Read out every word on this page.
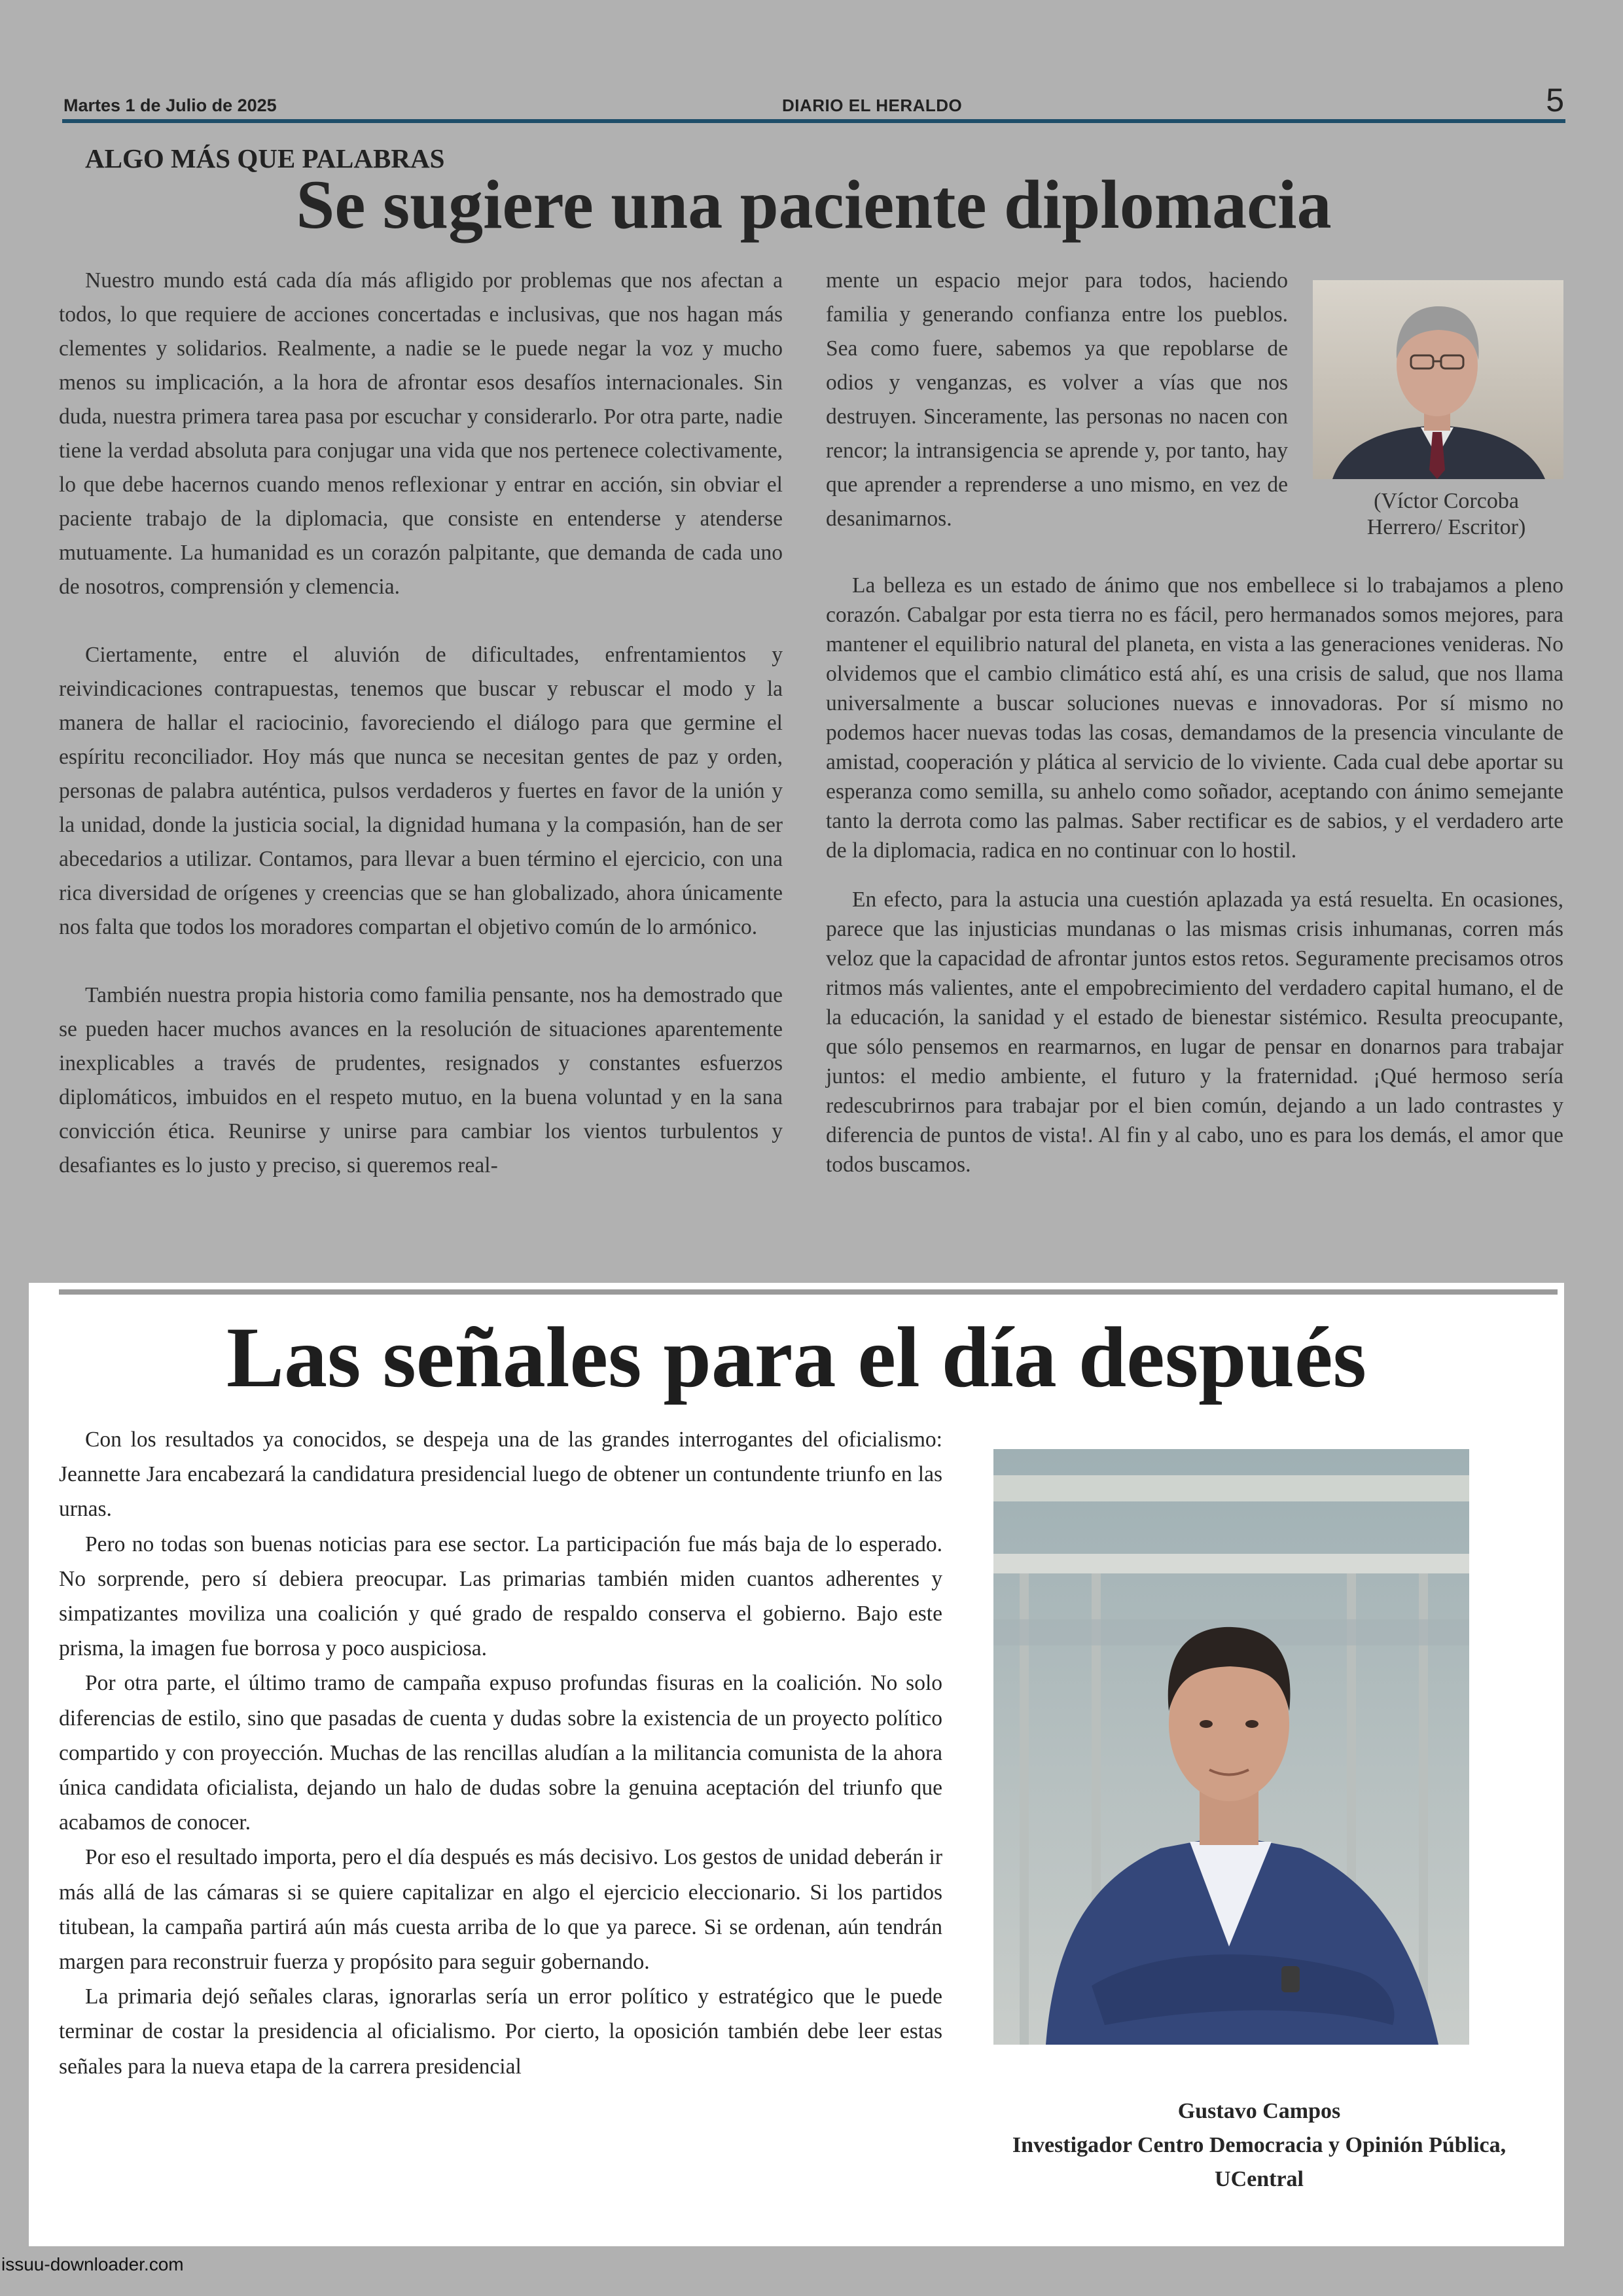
Martes 1 de Julio de 2025	DIARIO EL HERALDO	5
ALGO MÁS QUE PALABRAS
Se sugiere una paciente diplomacia

Nuestro mundo está cada día más afligido por problemas que nos afectan a todos, lo que requiere de acciones concertadas e inclusivas, que nos hagan más clementes y solidarios. Realmente, a nadie se le puede negar la voz y mucho menos su implicación, a la hora de afrontar esos desafíos internacionales. Sin duda, nuestra primera tarea pasa por escuchar y considerarlo. Por otra parte, nadie tiene la verdad absoluta para conjugar una vida que nos pertenece colectivamente, lo que debe hacernos cuando menos reflexionar y entrar en acción, sin obviar el paciente trabajo de la diplomacia, que consiste en entenderse y atenderse mutuamente. La humanidad es un corazón palpitante, que demanda de cada uno de nosotros, comprensión y clemencia.

Ciertamente, entre el aluvión de dificultades, enfrentamientos y reivindicaciones contrapuestas, tenemos que buscar y rebuscar el modo y la manera de hallar el raciocinio, favoreciendo el diálogo para que germine el espíritu reconciliador. Hoy más que nunca se necesitan gentes de paz y orden, personas de palabra auténtica, pulsos verdaderos y fuertes en favor de la unión y la unidad, donde la justicia social, la dignidad humana y la compasión, han de ser abecedarios a utilizar. Contamos, para llevar a buen término el ejercicio, con una rica diversidad de orígenes y creencias que se han globalizado, ahora únicamente nos falta que todos los moradores compartan el objetivo común de lo armónico.

También nuestra propia historia como familia pensante, nos ha demostrado que se pueden hacer muchos avances en la resolución de situaciones aparentemente inexplicables a través de prudentes, resignados y constantes esfuerzos diplomáticos, imbuidos en el respeto mutuo, en la buena voluntad y en la sana convicción ética. Reunirse y unirse para cambiar los vientos turbulentos y desafiantes es lo justo y preciso, si queremos real-

mente un espacio mejor para todos, haciendo familia y generando confianza entre los pueblos. Sea como fuere, sabemos ya que repoblarse de odios y venganzas, es volver a vías que nos destruyen. Sinceramente, las personas no nacen con rencor; la intransigencia se aprende y, por tanto, hay que aprender a reprenderse a uno mismo, en vez de desanimarnos.

(Víctor Corcoba
Herrero/ Escritor)

La belleza es un estado de ánimo que nos embellece si lo trabajamos a pleno corazón. Cabalgar por esta tierra no es fácil, pero hermanados somos mejores, para mantener el equilibrio natural del planeta, en vista a las generaciones venideras. No olvidemos que el cambio climático está ahí, es una crisis de salud, que nos llama universalmente a buscar soluciones nuevas e innovadoras. Por sí mismo no podemos hacer nuevas todas las cosas, demandamos de la presencia vinculante de amistad, cooperación y plática al servicio de lo viviente. Cada cual debe aportar su esperanza como semilla, su anhelo como soñador, aceptando con ánimo semejante tanto la derrota como las palmas. Saber rectificar es de sabios, y el verdadero arte de la diplomacia, radica en no continuar con lo hostil.

En efecto, para la astucia una cuestión aplazada ya está resuelta. En ocasiones, parece que las injusticias mundanas o las mismas crisis inhumanas, corren más veloz que la capacidad de afrontar juntos estos retos. Seguramente precisamos otros ritmos más valientes, ante el empobrecimiento del verdadero capital humano, el de la educación, la sanidad y el estado de bienestar sistémico. Resulta preocupante, que sólo pensemos en rearmarnos, en lugar de pensar en donarnos para trabajar juntos: el medio ambiente, el futuro y la fraternidad. ¡Qué hermoso sería redescubrirnos para trabajar por el bien común, dejando a un lado contrastes y diferencia de puntos de vista!. Al fin y al cabo, uno es para los demás, el amor que todos buscamos.

Las señales para el día después

Con los resultados ya conocidos, se despeja una de las grandes interrogantes del oficialismo: Jeannette Jara encabezará la candidatura presidencial luego de obtener un contundente triunfo en las urnas.

Pero no todas son buenas noticias para ese sector. La participación fue más baja de lo esperado. No sorprende, pero sí debiera preocupar. Las primarias también miden cuantos adherentes y simpatizantes moviliza una coalición y qué grado de respaldo conserva el gobierno. Bajo este prisma, la imagen fue borrosa y poco auspiciosa.

Por otra parte, el último tramo de campaña expuso profundas fisuras en la coalición. No solo diferencias de estilo, sino que pasadas de cuenta y dudas sobre la existencia de un proyecto político compartido y con proyección. Muchas de las rencillas aludían a la militancia comunista de la ahora única candidata oficialista, dejando un halo de dudas sobre la genuina aceptación del triunfo que acabamos de conocer.

Por eso el resultado importa, pero el día después es más decisivo. Los gestos de unidad deberán ir más allá de las cámaras si se quiere capitalizar en algo el ejercicio eleccionario. Si los partidos titubean, la campaña partirá aún más cuesta arriba de lo que ya parece. Si se ordenan, aún tendrán margen para reconstruir fuerza y propósito para seguir gobernando.

La primaria dejó señales claras, ignorarlas sería un error político y estratégico que le puede terminar de costar la presidencia al oficialismo. Por cierto, la oposición también debe leer estas señales para la nueva etapa de la carrera presidencial

Gustavo Campos
Investigador Centro Democracia y Opinión Pública,
UCentral
issuu-downloader.com
